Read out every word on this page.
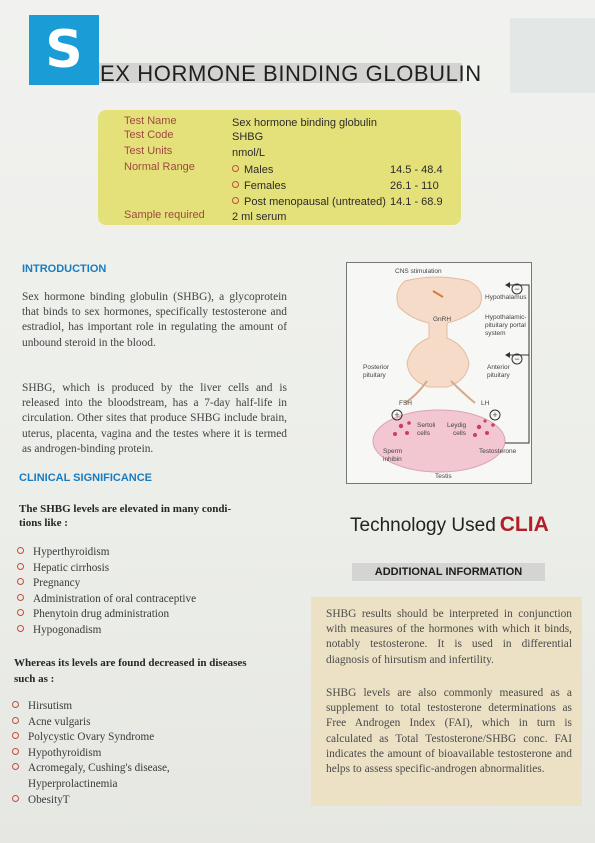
S EX HORMONE BINDING GLOBULIN
Test Name	Sex hormone binding globulin
Test Code	SHBG
Test Units	nmol/L
Normal Range	Males	14.5 - 48.4
Females	26.1 - 110
Post menopausal (untreated) 14.1 - 68.9
Sample required 2 ml serum
INTRODUCTION
Sex hormone binding globulin (SHBG), a glycoprotein that binds to sex hormones, specifically testosterone and estradiol, has important role in regulating the amount of unbound steroid in the blood.
SHBG, which is produced by the liver cells and is released into the bloodstream, has a 7-day half-life in circulation. Other sites that produce SHBG include brain, uterus, placenta, vagina and the testes where it is termed as androgen-binding protein.
CLINICAL SIGNIFICANCE
The SHBG levels are elevated in many condi-
tions like :
Hyperthyroidism
Hepatic cirrhosis
Pregnancy
Administration of oral contraceptive
Phenytoin drug administration
Hypogonadism
Whereas its levels are found decreased in diseases
such as :
Hirsutism
Acne vulgaris
Polycystic Ovary Syndrome
Hypothyroidism
Acromegaly, Cushing's disease,
Hyperprolactinemia
ObesityT
−
−
+	+
CNS stimulation
Hypothalamus
GnRH	Hypothalamic-
pituitary portal
system
Posterior
pituitary
Anterior
pituitary
FSH	LH
Sertoli
cells
Leydig
cells
Sperm
inhibin
Testosterone
Testis
Technology Used CLIA
ADDITIONAL INFORMATION
SHBG results should be interpreted in conjunction with measures of the hormones with which it binds, notably testosterone. It is used in differential diagnosis of hirsutism and infertility.
SHBG levels are also commonly measured as a supplement to total testosterone determinations as Free Androgen Index (FAI), which in turn is calculated as Total Testosterone/SHBG conc. FAI indicates the amount of bioavailable testosterone and helps to assess specific-androgen abnormalities.
